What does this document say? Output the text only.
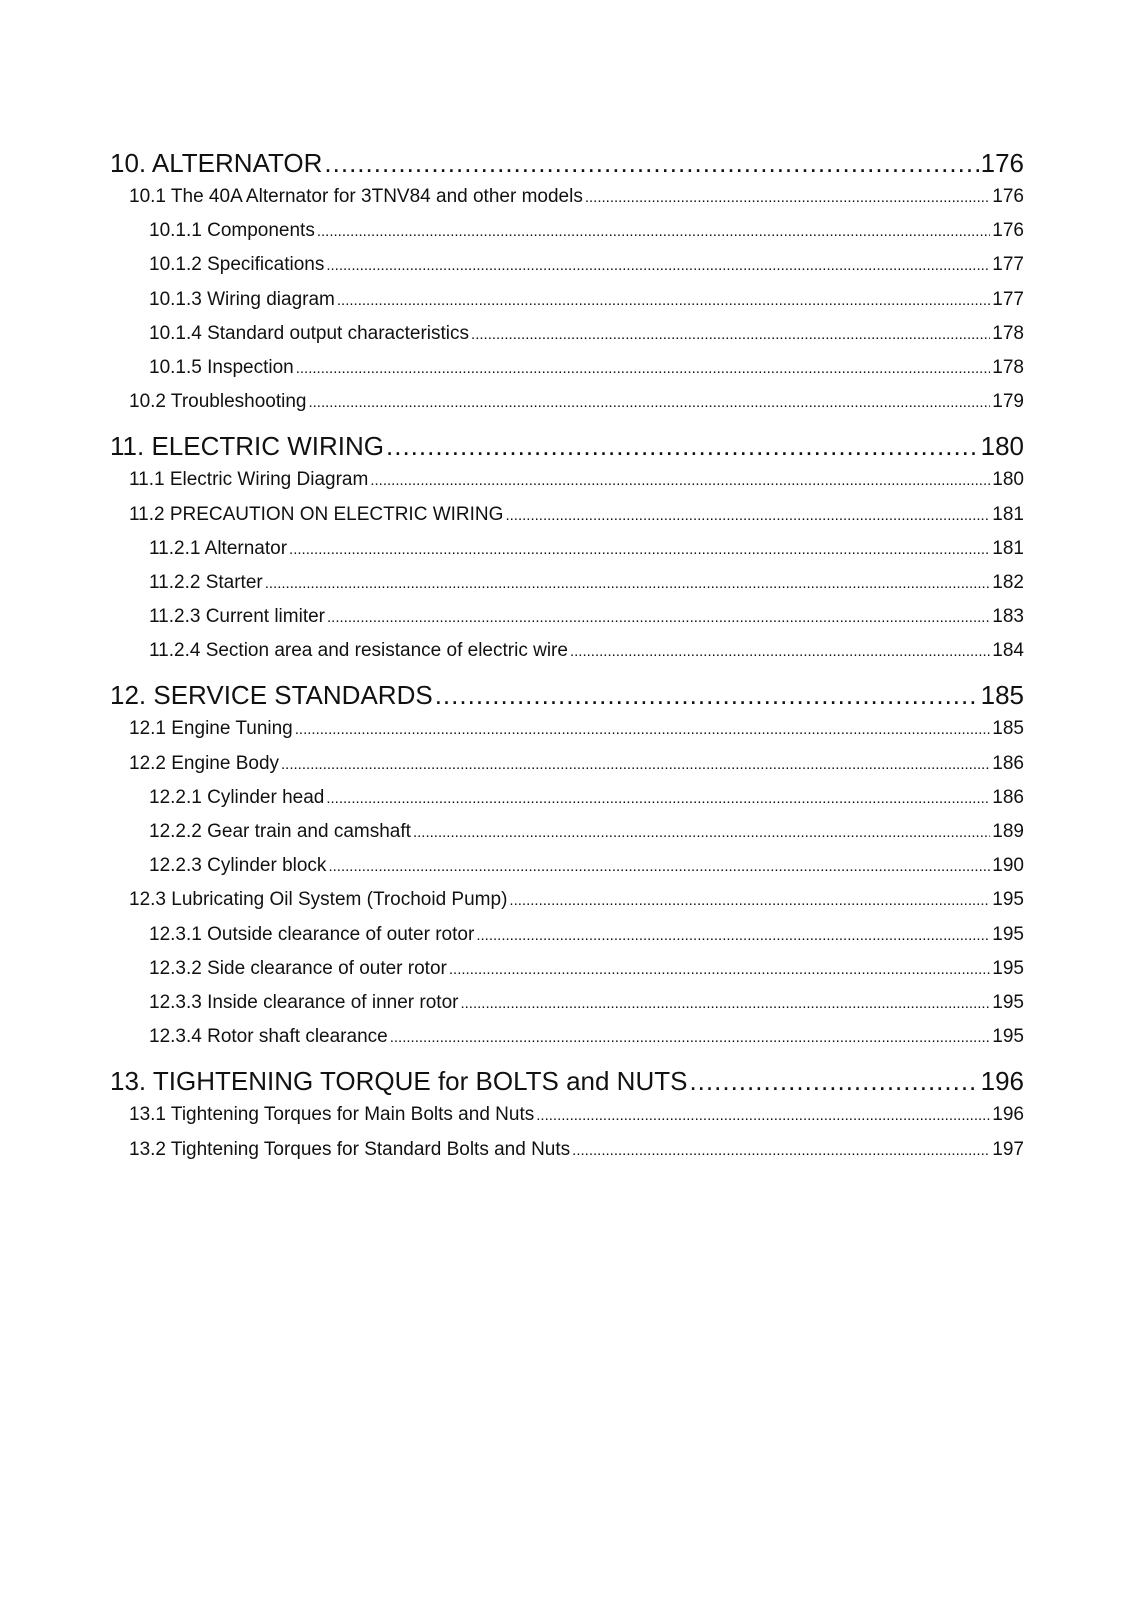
10. ALTERNATOR .....	176
10.1 The 40A Alternator for 3TNV84 and other models .....	176
10.1.1 Components .....	176
10.1.2 Specifications .....	177
10.1.3 Wiring diagram .....	177
10.1.4 Standard output characteristics .....	178
10.1.5 Inspection .....	178
10.2 Troubleshooting .....	179
11. ELECTRIC WIRING .....	180
11.1 Electric Wiring Diagram .....	180
11.2 PRECAUTION ON ELECTRIC WIRING .....	181
11.2.1 Alternator .....	181
11.2.2 Starter .....	182
11.2.3 Current limiter .....	183
11.2.4 Section area and resistance of electric wire .....	184
12. SERVICE STANDARDS .....	185
12.1 Engine Tuning .....	185
12.2 Engine Body .....	186
12.2.1 Cylinder head .....	186
12.2.2 Gear train and camshaft .....	189
12.2.3 Cylinder block .....	190
12.3 Lubricating Oil System (Trochoid Pump) .....	195
12.3.1 Outside clearance of outer rotor .....	195
12.3.2 Side clearance of outer rotor .....	195
12.3.3 Inside clearance of inner rotor .....	195
12.3.4 Rotor shaft clearance .....	195
13. TIGHTENING TORQUE for BOLTS and NUTS .....	196
13.1 Tightening Torques for Main Bolts and Nuts .....	196
13.2 Tightening Torques for Standard Bolts and Nuts .....	197
